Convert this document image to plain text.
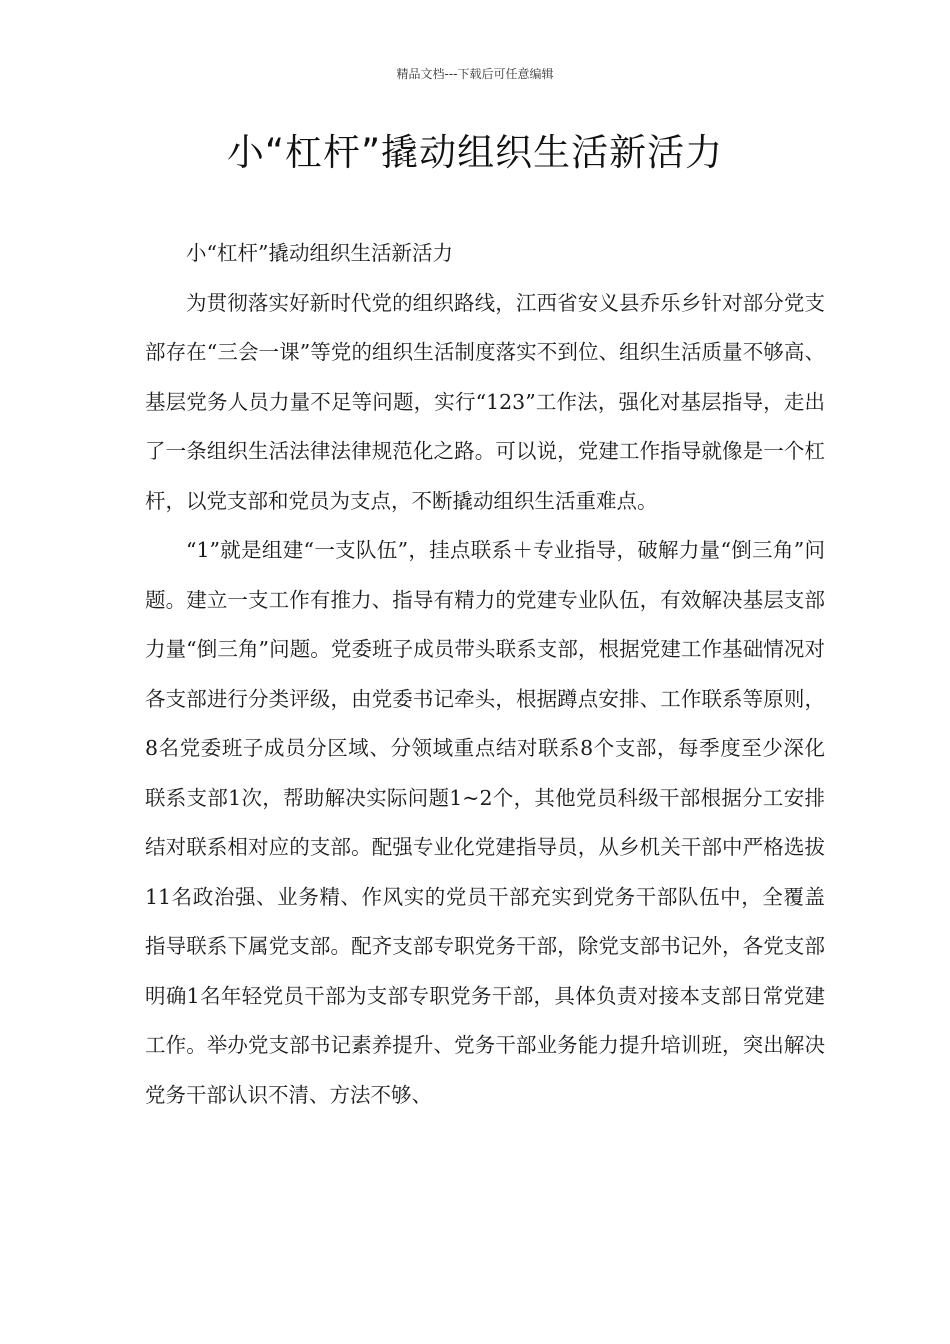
精品文档---下载后可任意编辑
小“杠杆”撬动组织生活新活力

小“杠杆”撬动组织生活新活力

为贯彻落实好新时代党的组织路线，江西省安义县乔乐乡针对部分党支部存在“三会一课”等党的组织生活制度落实不到位、组织生活质量不够高、基层党务人员力量不足等问题，实行“123”工作法，强化对基层指导，走出了一条组织生活法律法律规范化之路。可以说，党建工作指导就像是一个杠杆，以党支部和党员为支点，不断撬动组织生活重难点。

“1”就是组建“一支队伍”，挂点联系＋专业指导，破解力量“倒三角”问题。建立一支工作有推力、指导有精力的党建专业队伍，有效解决基层支部力量“倒三角”问题。党委班子成员带头联系支部，根据党建工作基础情况对各支部进行分类评级，由党委书记牵头，根据蹲点安排、工作联系等原则，8名党委班子成员分区域、分领域重点结对联系8个支部，每季度至少深化联系支部1次，帮助解决实际问题1~2个，其他党员科级干部根据分工安排结对联系相对应的支部。配强专业化党建指导员，从乡机关干部中严格选拔11名政治强、业务精、作风实的党员干部充实到党务干部队伍中，全覆盖指导联系下属党支部。配齐支部专职党务干部，除党支部书记外，各党支部明确1名年轻党员干部为支部专职党务干部，具体负责对接本支部日常党建工作。举办党支部书记素养提升、党务干部业务能力提升培训班，突出解决党务干部认识不清、方法不够、
